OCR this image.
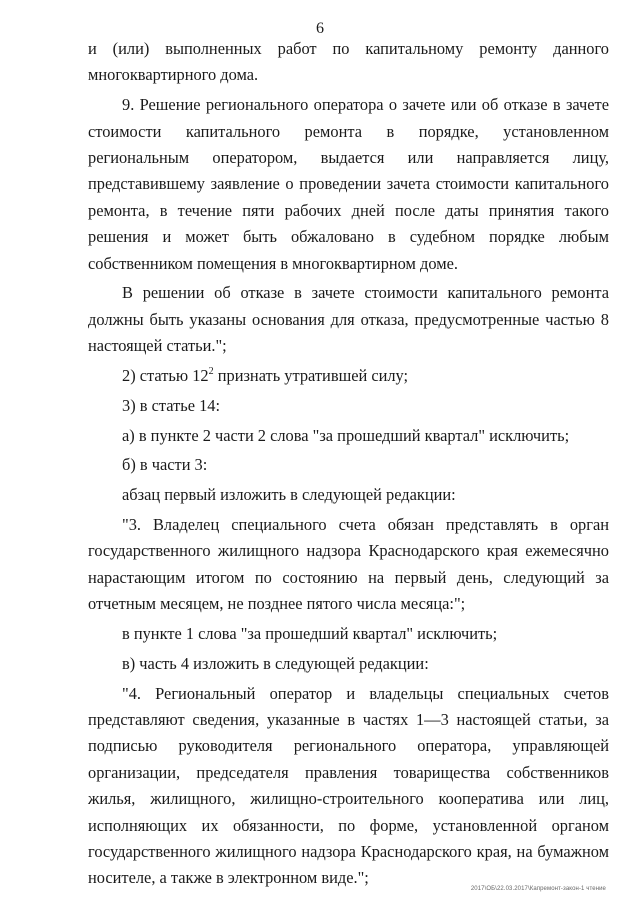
6

и (или) выполненных работ по капитальному ремонту данного многоквартирного дома.

9. Решение регионального оператора о зачете или об отказе в зачете стоимости капитального ремонта в порядке, установленном региональным оператором, выдается или направляется лицу, представившему заявление о проведении зачета стоимости капитального ремонта, в течение пяти рабочих дней после даты принятия такого решения и может быть обжаловано в судебном порядке любым собственником помещения в многоквартирном доме.

В решении об отказе в зачете стоимости капитального ремонта должны быть указаны основания для отказа, предусмотренные частью 8 настоящей статьи.";

2) статью $12^2$ признать утратившей силу;

3) в статье 14:

а) в пункте 2 части 2 слова "за прошедший квартал" исключить;

б) в части 3:

абзац первый изложить в следующей редакции:

"3. Владелец специального счета обязан представлять в орган государственного жилищного надзора Краснодарского края ежемесячно нарастающим итогом по состоянию на первый день, следующий за отчетным месяцем, не позднее пятого числа месяца:";

в пункте 1 слова "за прошедший квартал" исключить;

в) часть 4 изложить в следующей редакции:

"4. Региональный оператор и владельцы специальных счетов представляют сведения, указанные в частях 1—3 настоящей статьи, за подписью руководителя регионального оператора, управляющей организации, председателя правления товарищества собственников жилья, жилищного, жилищно-строительного кооператива или лиц, исполняющих их обязанности, по форме, установленной органом государственного жилищного надзора Краснодарского края, на бумажном носителе, а также в электронном виде.";

2017\ОБ\22.03.2017\Капремонт-закон-1 чтение
